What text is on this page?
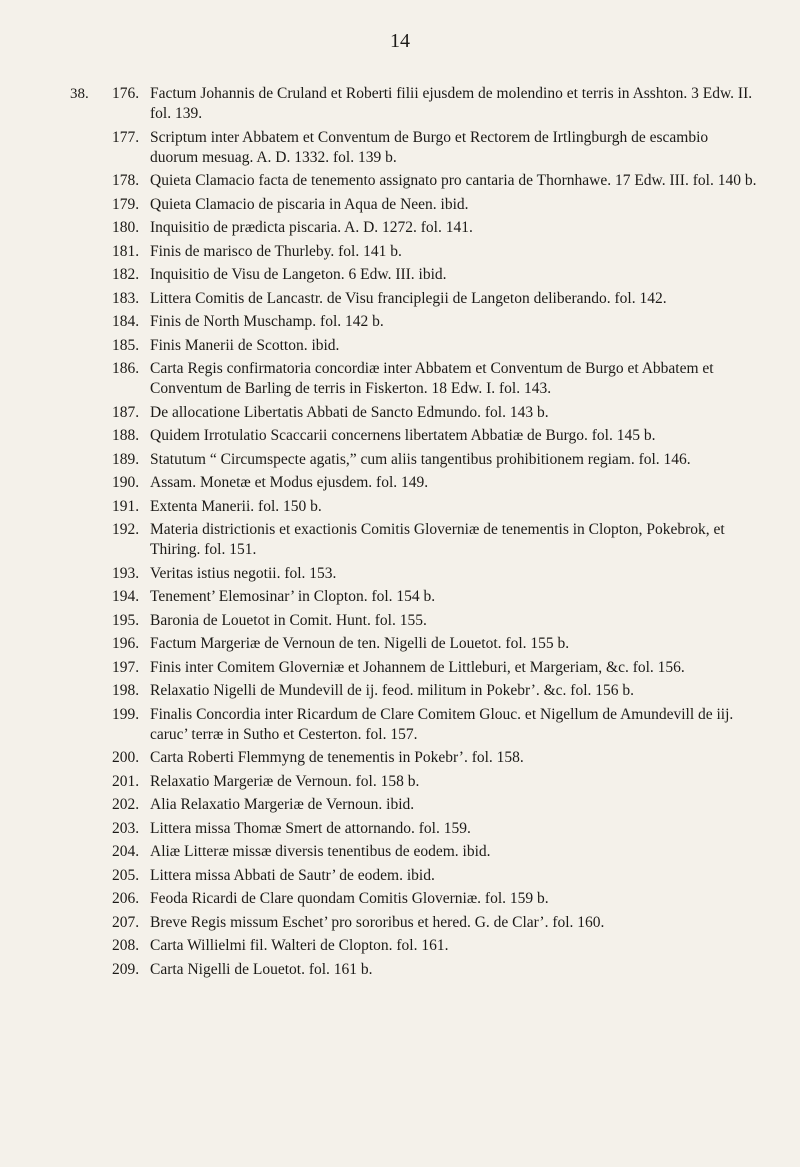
14
38. 176. Factum Johannis de Cruland et Roberti filii ejusdem de molendino et terris in Asshton. 3 Edw. II. fol. 139.
177. Scriptum inter Abbatem et Conventum de Burgo et Rectorem de Irtlingburgh de escambio duorum mesuag. A. D. 1332. fol. 139 b.
178. Quieta Clamacio facta de tenemento assignato pro cantaria de Thornhawe. 17 Edw. III. fol. 140 b.
179. Quieta Clamacio de piscaria in Aqua de Neen. ibid.
180. Inquisitio de prædicta piscaria. A. D. 1272. fol. 141.
181. Finis de marisco de Thurleby. fol. 141 b.
182. Inquisitio de Visu de Langeton. 6 Edw. III. ibid.
183. Littera Comitis de Lancastr. de Visu franciplegii de Langeton deliberando. fol. 142.
184. Finis de North Muschamp. fol. 142 b.
185. Finis Manerii de Scotton. ibid.
186. Carta Regis confirmatoria concordiæ inter Abbatem et Conventum de Burgo et Abbatem et Conventum de Barling de terris in Fiskerton. 18 Edw. I. fol. 143.
187. De allocatione Libertatis Abbati de Sancto Edmundo. fol. 143 b.
188. Quidem Irrotulatio Scaccarii concernens libertatem Abbatiæ de Burgo. fol. 145 b.
189. Statutum “ Circumspecte agatis,” cum aliis tangentibus prohibitionem regiam. fol. 146.
190. Assam. Monetæ et Modus ejusdem. fol. 149.
191. Extenta Manerii. fol. 150 b.
192. Materia districtionis et exactionis Comitis Gloverniæ de tenementis in Clopton, Pokebrok, et Thiring. fol. 151.
193. Veritas istius negotii. fol. 153.
194. Tenement’ Elemosinar’ in Clopton. fol. 154 b.
195. Baronia de Louetot in Comit. Hunt. fol. 155.
196. Factum Margeriæ de Vernoun de ten. Nigelli de Louetot. fol. 155 b.
197. Finis inter Comitem Gloverniæ et Johannem de Littleburi, et Margeriam, &c. fol. 156.
198. Relaxatio Nigelli de Mundevill de ij. feod. militum in Pokebr’. &c. fol. 156 b.
199. Finalis Concordia inter Ricardum de Clare Comitem Glouc. et Nigellum de Amundevill de iij. caruc’ terræ in Sutho et Cesterton. fol. 157.
200. Carta Roberti Flemmyng de tenementis in Pokebr’. fol. 158.
201. Relaxatio Margeriæ de Vernoun. fol. 158 b.
202. Alia Relaxatio Margeriæ de Vernoun. ibid.
203. Littera missa Thomæ Smert de attornando. fol. 159.
204. Aliæ Litteræ missæ diversis tenentibus de eodem. ibid.
205. Littera missa Abbati de Sautr’ de eodem. ibid.
206. Feoda Ricardi de Clare quondam Comitis Gloverniæ. fol. 159 b.
207. Breve Regis missum Eschet’ pro sororibus et hered. G. de Clar’. fol. 160.
208. Carta Willielmi fil. Walteri de Clopton. fol. 161.
209. Carta Nigelli de Louetot. fol. 161 b.
